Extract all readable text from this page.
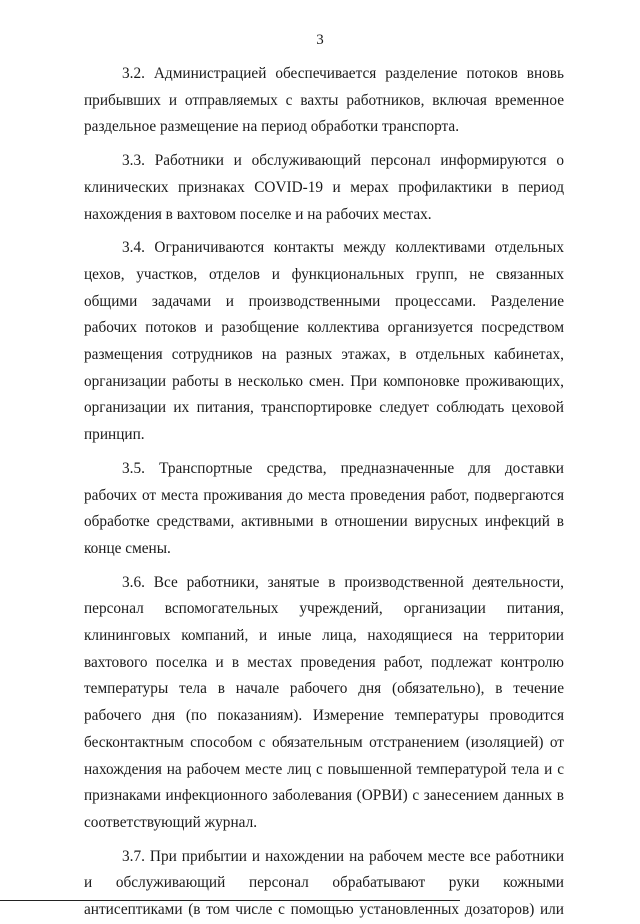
3

3.2. Администрацией обеспечивается разделение потоков вновь прибывших и отправляемых с вахты работников, включая временное раздельное размещение на период обработки транспорта.

3.3. Работники и обслуживающий персонал информируются о клинических признаках COVID-19 и мерах профилактики в период нахождения в вахтовом поселке и на рабочих местах.

3.4. Ограничиваются контакты между коллективами отдельных цехов, участков, отделов и функциональных групп, не связанных общими задачами и производственными процессами. Разделение рабочих потоков и разобщение коллектива организуется посредством размещения сотрудников на разных этажах, в отдельных кабинетах, организации работы в несколько смен. При компоновке проживающих, организации их питания, транспортировке следует соблюдать цеховой принцип.

3.5. Транспортные средства, предназначенные для доставки рабочих от места проживания до места проведения работ, подвергаются обработке средствами, активными в отношении вирусных инфекций в конце смены.

3.6. Все работники, занятые в производственной деятельности, персонал вспомогательных учреждений, организации питания, клининговых компаний, и иные лица, находящиеся на территории вахтового поселка и в местах проведения работ, подлежат контролю температуры тела в начале рабочего дня (обязательно), в течение рабочего дня (по показаниям). Измерение температуры проводится бесконтактным способом с обязательным отстранением (изоляцией) от нахождения на рабочем месте лиц с повышенной температурой тела и с признаками инфекционного заболевания (ОРВИ) с занесением данных в соответствующий журнал.

3.7. При прибытии и нахождении на рабочем месте все работники и обслуживающий персонал обрабатывают руки кожными антисептиками (в том числе с помощью установленных дозаторов) или
